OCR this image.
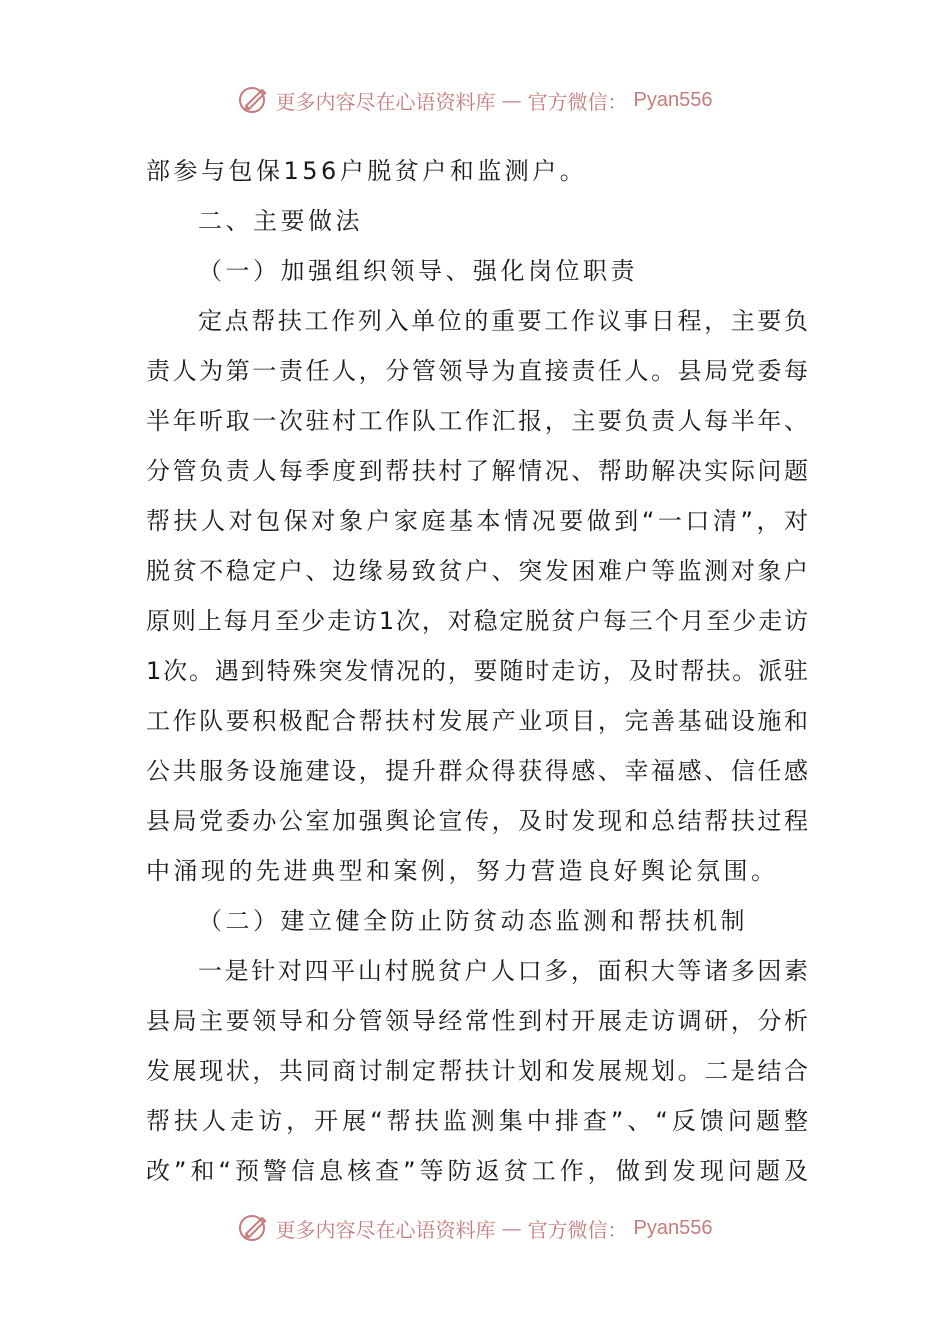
更多内容尽在心语资料库 — 官方微信： Pyan556
部参与包保156户脱贫户和监测户。
二、主要做法
（一）加强组织领导、强化岗位职责
定点帮扶工作列入单位的重要工作议事日程，主要负
责人为第一责任人，分管领导为直接责任人。县局党委每
半年听取一次驻村工作队工作汇报，主要负责人每半年、
分管负责人每季度到帮扶村了解情况、帮助解决实际问题
帮扶人对包保对象户家庭基本情况要做到“一口清”，对
脱贫不稳定户、边缘易致贫户、突发困难户等监测对象户
原则上每月至少走访1次，对稳定脱贫户每三个月至少走访
1次。遇到特殊突发情况的，要随时走访，及时帮扶。派驻
工作队要积极配合帮扶村发展产业项目，完善基础设施和
公共服务设施建设，提升群众得获得感、幸福感、信任感
县局党委办公室加强舆论宣传，及时发现和总结帮扶过程
中涌现的先进典型和案例，努力营造良好舆论氛围。
（二）建立健全防止防贫动态监测和帮扶机制
一是针对四平山村脱贫户人口多，面积大等诸多因素
县局主要领导和分管领导经常性到村开展走访调研，分析
发展现状，共同商讨制定帮扶计划和发展规划。二是结合
帮扶人走访，开展“帮扶监测集中排查”、“反馈问题整
改”和“预警信息核查”等防返贫工作，做到发现问题及
更多内容尽在心语资料库 — 官方微信： Pyan556
